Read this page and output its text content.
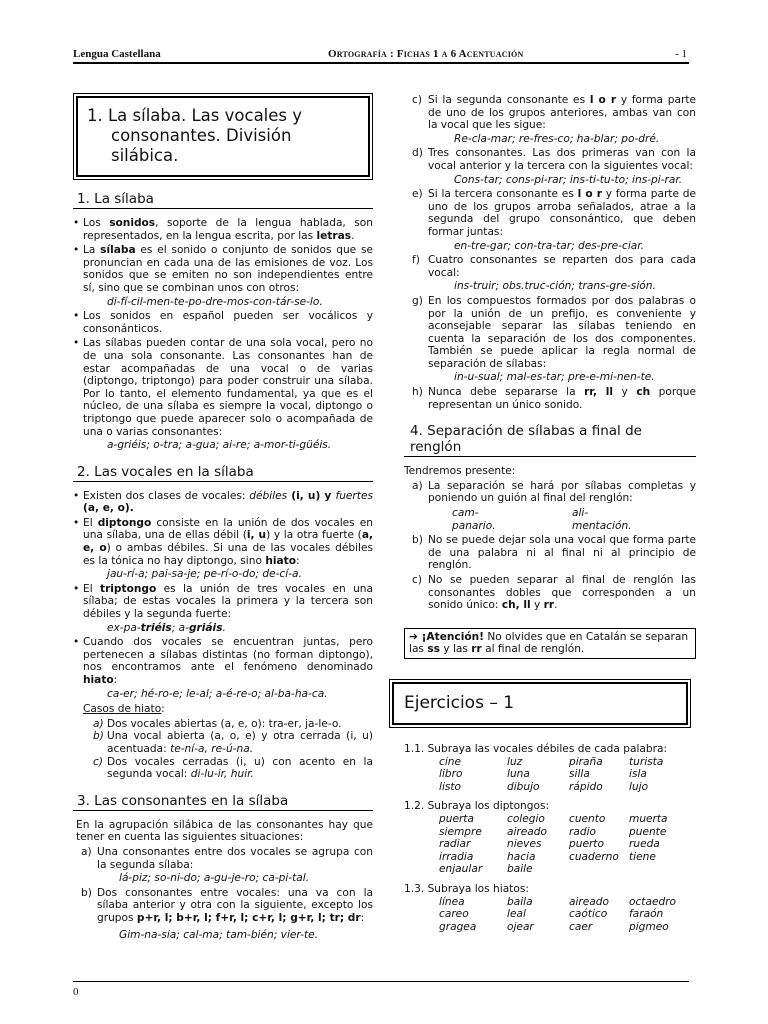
Lengua Castellana	Ortografía : Fichas 1 a 6 Acentuación	- 1
1. La sílaba. Las vocales y
consonantes. División silábica.
1. La sílaba
• Los sonidos, soporte de la lengua hablada, son representados, en la lengua escrita, por las letras.
• La sílaba es el sonido o conjunto de sonidos que se pronuncian en cada una de las emisiones de voz. Los sonidos que se emiten no son independientes entre sí, sino que se combinan unos con otros:
di-fí-cil-men-te-po-dre-mos-con-tár-se-lo.
• Los sonidos en español pueden ser vocálicos y consonánticos.
• Las sílabas pueden contar de una sola vocal, pero no de una sola consonante. Las consonantes han de estar acompañadas de una vocal o de varias (diptongo, triptongo) para poder construir una sílaba. Por lo tanto, el elemento fundamental, ya que es el núcleo, de una sílaba es siempre la vocal, diptongo o triptongo que puede aparecer solo o acompañada de una o varias consonantes:
a-griéis; o-tra; a-gua; ai-re; a-mor-ti-güéis.
2. Las vocales en la sílaba
• Existen dos clases de vocales: débiles (i, u) y fuertes (a, e, o).
• El diptongo consiste en la unión de dos vocales en una sílaba, una de ellas débil (i, u) y la otra fuerte (a, e, o) o ambas débiles. Si una de las vocales débiles es la tónica no hay diptongo, sino hiato:
jau-rí-a; pai-sa-je; pe-rí-o-do; de-cí-a.
• El triptongo es la unión de tres vocales en una sílaba; de estas vocales la primera y la tercera son débiles y la segunda fuerte:
ex-pa-triéis; a-griáis.
• Cuando dos vocales se encuentran juntas, pero pertenecen a sílabas distintas (no forman diptongo), nos encontramos ante el fenómeno denominado hiato:
ca-er; hé-ro-e; le-al; a-é-re-o; al-ba-ha-ca.
Casos de hiato:
a) Dos vocales abiertas (a, e, o): tra-er, ja-le-o.
b) Una vocal abierta (a, o, e) y otra cerrada (i, u) acentuada: te-ní-a, re-ú-na.
c) Dos vocales cerradas (i, u) con acento en la segunda vocal: di-lu-ir, huir.
3. Las consonantes en la sílaba
En la agrupación silábica de las consonantes hay que tener en cuenta las siguientes situaciones:
a) Una consonantes entre dos vocales se agrupa con la segunda sílaba:
lá-piz; so-ni-do; a-gu-je-ro; ca-pi-tal.
b) Dos consonantes entre vocales: una va con la sílaba anterior y otra con la siguiente, excepto los grupos p+r, l; b+r, l; f+r, l; c+r, l; g+r, l; tr; dr:
Gim-na-sia; cal-ma; tam-bién; vier-te.
c) Si la segunda consonante es l o r y forma parte de uno de los grupos anteriores, ambas van con la vocal que les sigue:
Re-cla-mar; re-fres-co; ha-blar; po-dré.
d) Tres consonantes. Las dos primeras van con la vocal anterior y la tercera con la siguientes vocal:
Cons-tar; cons-pi-rar; ins-ti-tu-to; ins-pi-rar.
e) Si la tercera consonante es l o r y forma parte de uno de los grupos arroba señalados, atrae a la segunda del grupo consonántico, que deben formar juntas:
en-tre-gar; con-tra-tar; des-pre-ciar.
f) Cuatro consonantes se reparten dos para cada vocal:
ins-truir; obs.truc-ción; trans-gre-sión.
g) En los compuestos formados por dos palabras o por la unión de un prefijo, es conveniente y aconsejable separar las sílabas teniendo en cuenta la separación de los dos componentes. También se puede aplicar la regla normal de separación de sílabas:
in-u-sual; mal-es-tar; pre-e-mi-nen-te.
h) Nunca debe separarse la rr, ll y ch porque representan un único sonido.
4. Separación de sílabas a final de renglón
Tendremos presente:
a) La separación se hará por sílabas completas y poniendo un guión al final del renglón:
cam-	ali-
panario.	mentación.
b) No se puede dejar sola una vocal que forma parte de una palabra ni al final ni al principio de renglón.
c) No se pueden separar al final de renglón las consonantes dobles que corresponden a un sonido único: ch, ll y rr.
➔ ¡Atención! No olvides que en Catalán se separan las ss y las rr al final de renglón.
Ejercicios – 1
1.1. Subraya las vocales débiles de cada palabra:
cine	luz	piraña	turista
libro	luna	silla	isla
listo	dibujo	rápido	lujo
1.2. Subraya los diptongos:
puerta	colegio	cuento	muerta
siempre	aireado	radio	puente
radiar	nieves	puerto	rueda
irradia	hacia	cuaderno tiene
enjaular	baile
1.3. Subraya los hiatos:
línea	baila	aireado	octaedro
careo	leal	caótico	faraón
gragea	ojear	caer	pigmeo
0
